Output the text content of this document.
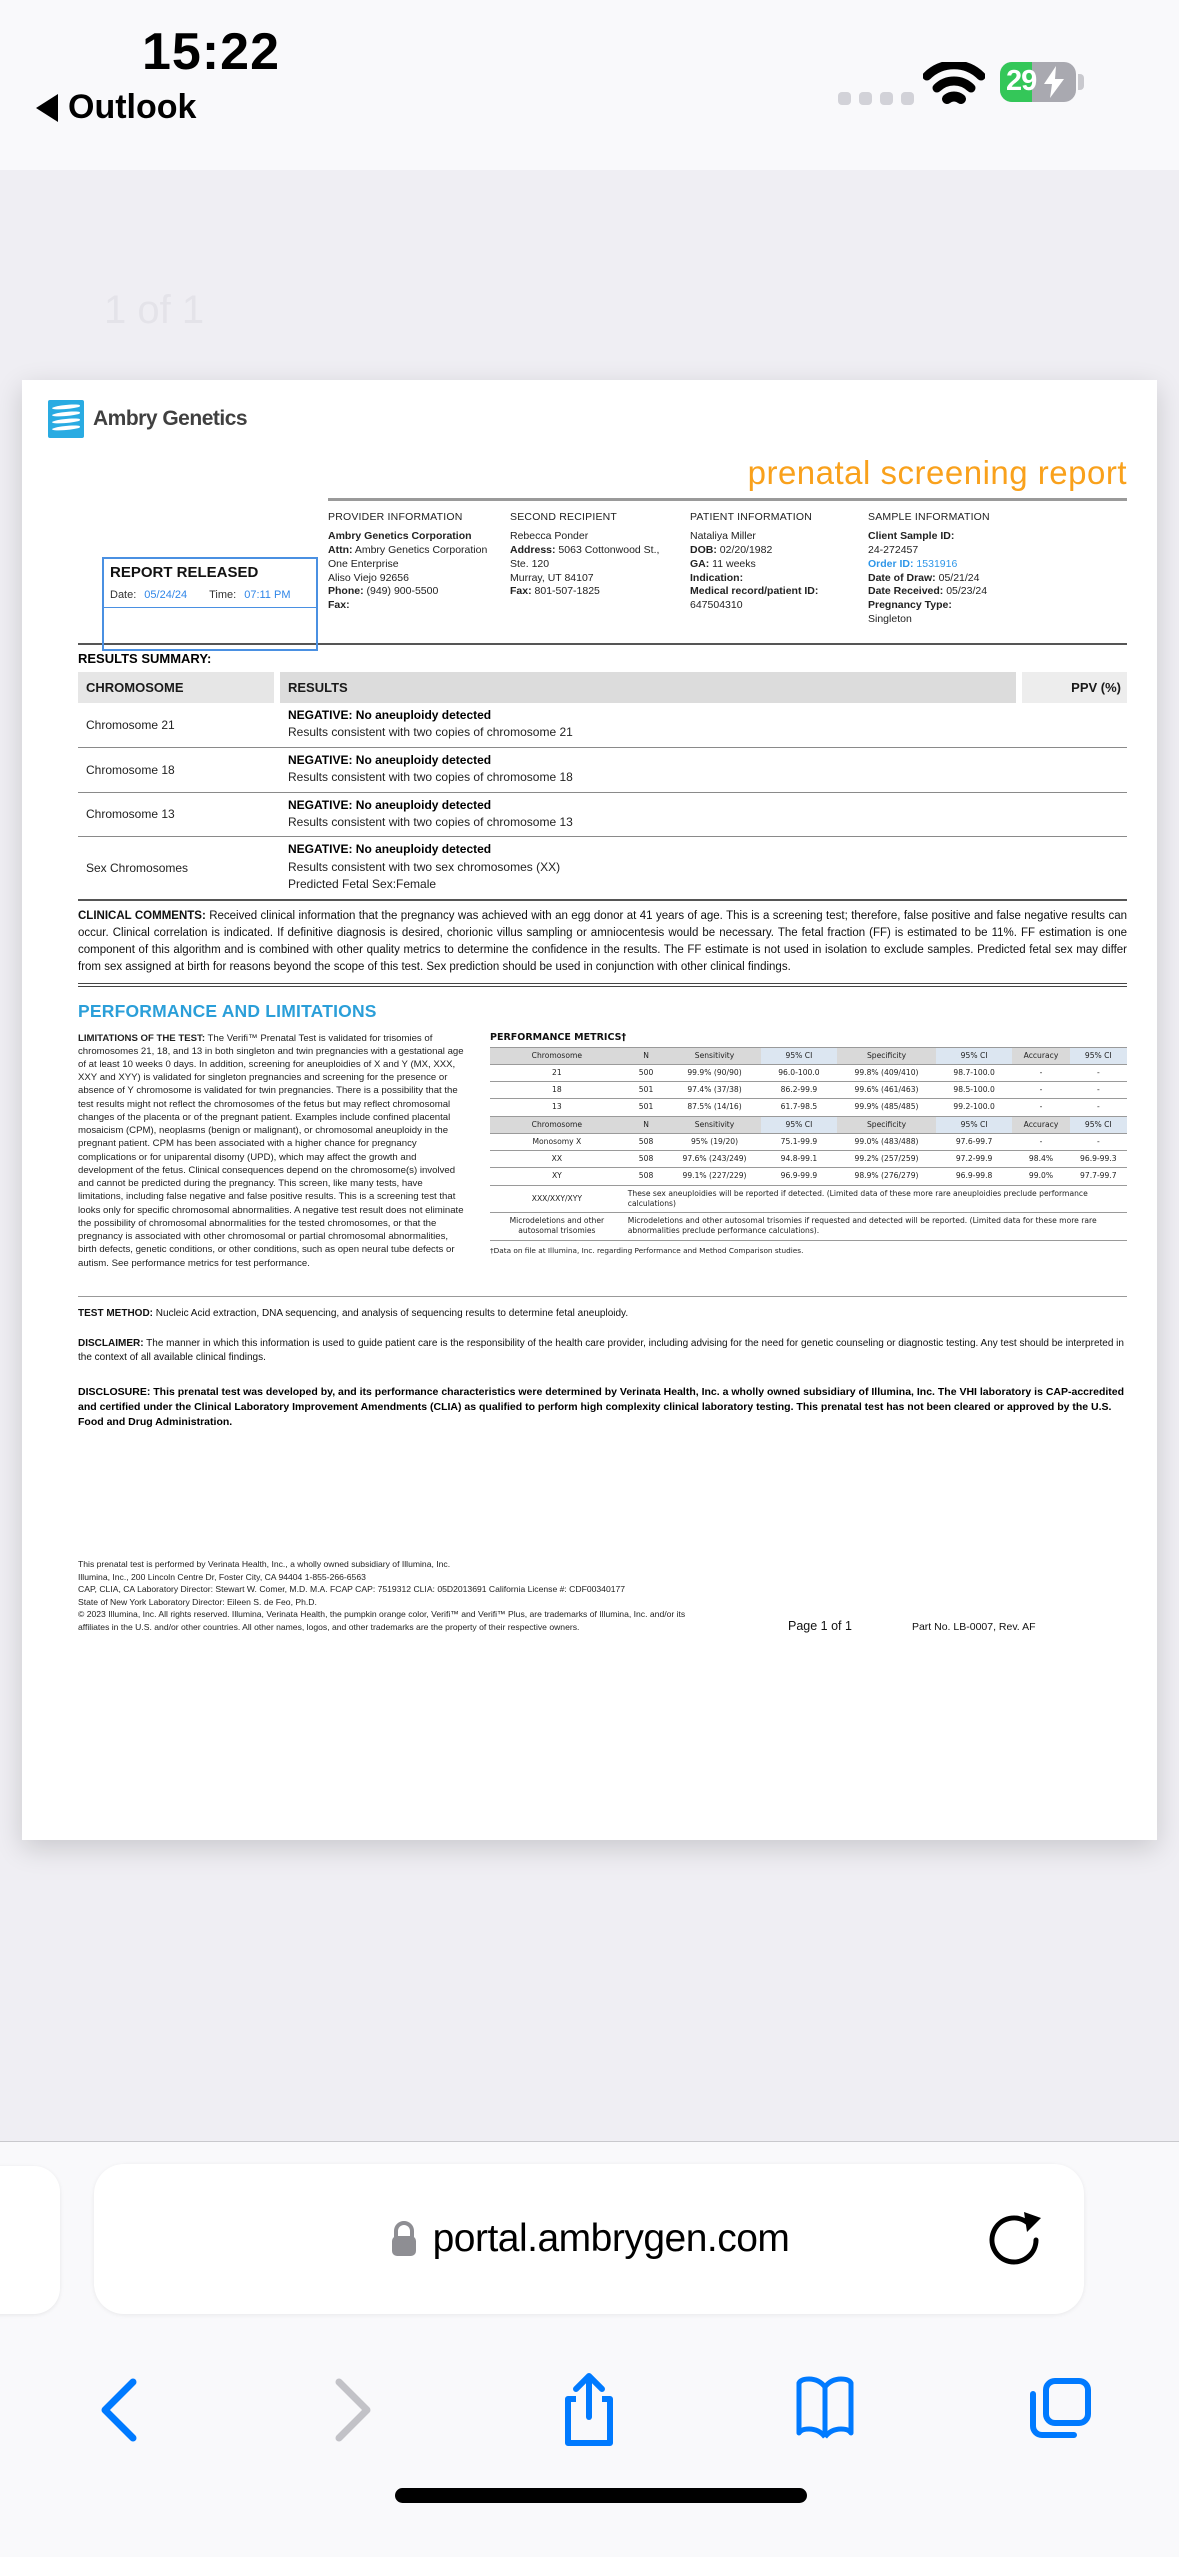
15:22
Outlook
29
1 of 1
Ambry Genetics
prenatal screening report
REPORT RELEASED
Date: 05/24/24 Time: 07:11 PM
PROVIDER INFORMATION
Ambry Genetics Corporation
Attn: Ambry Genetics Corporation
One Enterprise
Aliso Viejo 92656
Phone: (949) 900-5500
Fax:
SECOND RECIPIENT
Rebecca Ponder
Address: 5063 Cottonwood St., Ste. 120
Murray, UT 84107
Fax: 801-507-1825
PATIENT INFORMATION
Nataliya Miller
DOB: 02/20/1982
GA: 11 weeks
Indication:
Medical record/patient ID:
647504310
SAMPLE INFORMATION
Client Sample ID:
24-272457
Order ID: 1531916
Date of Draw: 05/21/24
Date Received: 05/23/24
Pregnancy Type:
Singleton
RESULTS SUMMARY:
CHROMOSOME	RESULTS	PPV (%)
Chromosome 21
NEGATIVE: No aneuploidy detected
Results consistent with two copies of chromosome 21
Chromosome 18
NEGATIVE: No aneuploidy detected
Results consistent with two copies of chromosome 18
Chromosome 13
NEGATIVE: No aneuploidy detected
Results consistent with two copies of chromosome 13
Sex Chromosomes
NEGATIVE: No aneuploidy detected
Results consistent with two sex chromosomes (XX)
Predicted Fetal Sex:Female
CLINICAL COMMENTS: Received clinical information that the pregnancy was achieved with an egg donor at 41 years of age. This is a screening test; therefore, false positive and false negative results can occur. Clinical correlation is indicated. If definitive diagnosis is desired, chorionic villus sampling or amniocentesis would be necessary. The fetal fraction (FF) is estimated to be 11%. FF estimation is one component of this algorithm and is combined with other quality metrics to determine the confidence in the results. The FF estimate is not used in isolation to exclude samples. Predicted fetal sex may differ from sex assigned at birth for reasons beyond the scope of this test. Sex prediction should be used in conjunction with other clinical findings.
PERFORMANCE AND LIMITATIONS
LIMITATIONS OF THE TEST: The Verifi™ Prenatal Test is validated for trisomies of chromosomes 21, 18, and 13 in both singleton and twin pregnancies with a gestational age of at least 10 weeks 0 days. In addition, screening for aneuploidies of X and Y (MX, XXX, XXY and XYY) is validated for singleton pregnancies and screening for the presence or absence of Y chromosome is validated for twin pregnancies. There is a possibility that the test results might not reflect the chromosomes of the fetus but may reflect chromosomal changes of the placenta or of the pregnant patient. Examples include confined placental mosaicism (CPM), neoplasms (benign or malignant), or chromosomal aneuploidy in the pregnant patient. CPM has been associated with a higher chance for pregnancy complications or for uniparental disomy (UPD), which may affect the growth and development of the fetus. Clinical consequences depend on the chromosome(s) involved and cannot be predicted during the pregnancy. This screen, like many tests, have limitations, including false negative and false positive results. This is a screening test that looks only for specific chromosomal abnormalities. A negative test result does not eliminate the possibility of chromosomal abnormalities for the tested chromosomes, or that the pregnancy is associated with other chromosomal or partial chromosomal abnormalities, birth defects, genetic conditions, or other conditions, such as open neural tube defects or autism. See performance metrics for test performance.
PERFORMANCE METRICS†
Chromosome	N	Sensitivity	95% CI	Specificity	95% CI	Accuracy	95% CI
21	500	99.9% (90/90)	96.0-100.0	99.8% (409/410)	98.7-100.0	-	-
18	501	97.4% (37/38)	86.2-99.9	99.6% (461/463)	98.5-100.0	-	-
13	501	87.5% (14/16)	61.7-98.5	99.9% (485/485)	99.2-100.0	-	-
Chromosome	N	Sensitivity	95% CI	Specificity	95% CI	Accuracy	95% CI
Monosomy X	508	95% (19/20)	75.1-99.9	99.0% (483/488)	97.6-99.7	-	-
XX	508	97.6% (243/249)	94.8-99.1	99.2% (257/259)	97.2-99.9	98.4%	96.9-99.3
XY	508	99.1% (227/229)	96.9-99.9	98.9% (276/279)	96.9-99.8	99.0%	97.7-99.7
XXX/XXY/XYY	These sex aneuploidies will be reported if detected. (Limited data of these more rare aneuploidies preclude performance calculations)						
Microdeletions and other autosomal trisomies	Microdeletions and other autosomal trisomies if requested and detected will be reported. (Limited data for these more rare abnormalities preclude performance calculations).						
†Data on file at Illumina, Inc. regarding Performance and Method Comparison studies.
TEST METHOD: Nucleic Acid extraction, DNA sequencing, and analysis of sequencing results to determine fetal aneuploidy.
DISCLAIMER: The manner in which this information is used to guide patient care is the responsibility of the health care provider, including advising for the need for genetic counseling or diagnostic testing. Any test should be interpreted in the context of all available clinical findings.
DISCLOSURE: This prenatal test was developed by, and its performance characteristics were determined by Verinata Health, Inc. a wholly owned subsidiary of Illumina, Inc. The VHI laboratory is CAP-accredited and certified under the Clinical Laboratory Improvement Amendments (CLIA) as qualified to perform high complexity clinical laboratory testing. This prenatal test has not been cleared or approved by the U.S. Food and Drug Administration.
This prenatal test is performed by Verinata Health, Inc., a wholly owned subsidiary of Illumina, Inc.
Illumina, Inc., 200 Lincoln Centre Dr, Foster City, CA 94404 1-855-266-6563
CAP, CLIA, CA Laboratory Director: Stewart W. Comer, M.D. M.A. FCAP CAP: 7519312 CLIA: 05D2013691 California License #: CDF00340177
State of New York Laboratory Director: Eileen S. de Feo, Ph.D.
© 2023 Illumina, Inc. All rights reserved. Illumina, Verinata Health, the pumpkin orange color, Verifi™ and Verifi™ Plus, are trademarks of Illumina, Inc. and/or its affiliates in the U.S. and/or other countries. All other names, logos, and other trademarks are the property of their respective owners.	Page 1 of 1	Part No. LB-0007, Rev. AF
portal.ambrygen.com
